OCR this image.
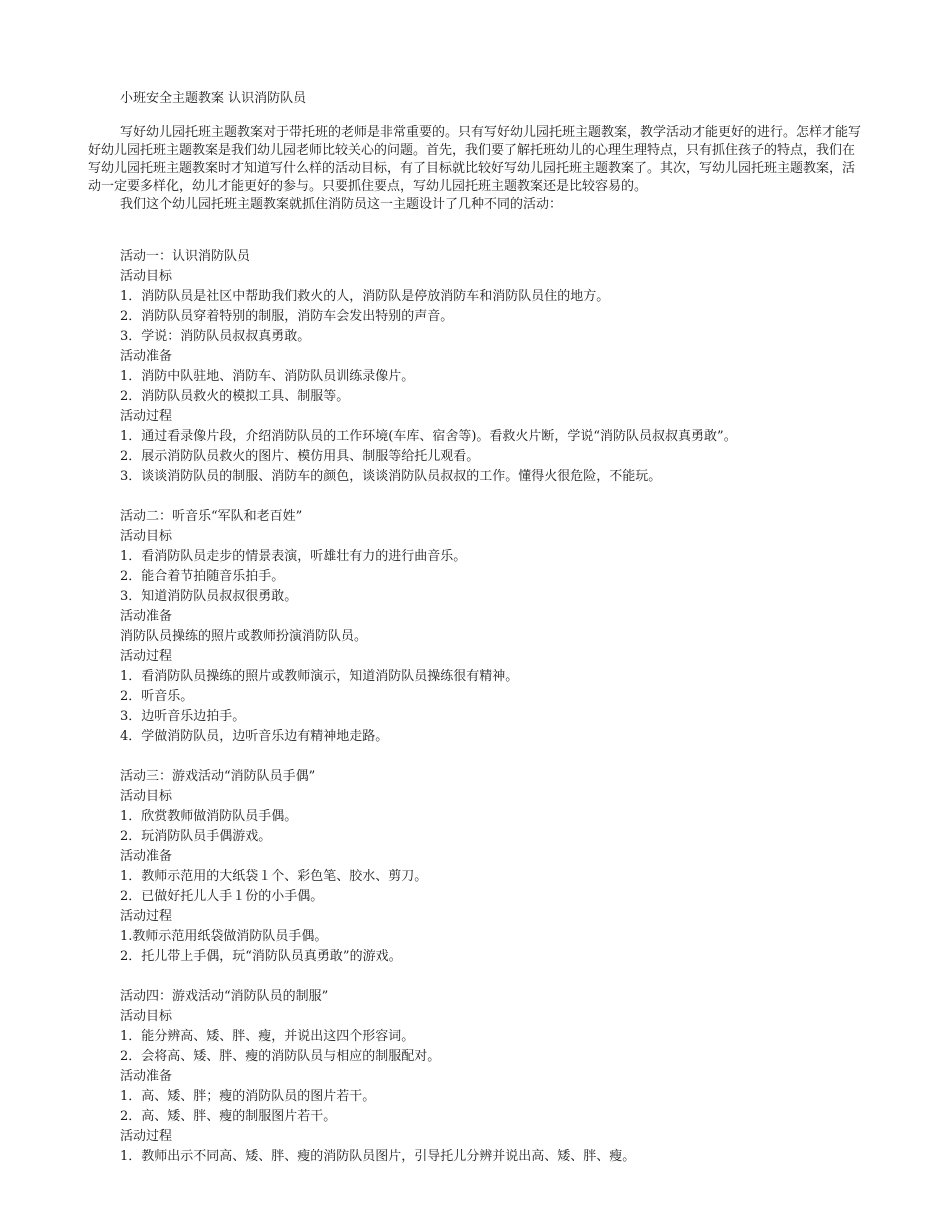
小班安全主题教案 认识消防队员

写好幼儿园托班主题教案对于带托班的老师是非常重要的。只有写好幼儿园托班主题教案，教学活动才能更好的进行。怎样才能写好幼儿园托班主题教案是我们幼儿园老师比较关心的问题。首先，我们要了解托班幼儿的心理生理特点，只有抓住孩子的特点，我们在写幼儿园托班主题教案时才知道写什么样的活动目标，有了目标就比较好写幼儿园托班主题教案了。其次，写幼儿园托班主题教案，活动一定要多样化，幼儿才能更好的参与。只要抓住要点，写幼儿园托班主题教案还是比较容易的。

我们这个幼儿园托班主题教案就抓住消防员这一主题设计了几种不同的活动：

活动一：认识消防队员
活动目标
1．消防队员是社区中帮助我们救火的人，消防队是停放消防车和消防队员住的地方。
2．消防队员穿着特别的制服，消防车会发出特别的声音。
3．学说：消防队员叔叔真勇敢。
活动准备
1．消防中队驻地、消防车、消防队员训练录像片。
2．消防队员救火的模拟工具、制服等。
活动过程
1．通过看录像片段，介绍消防队员的工作环境(车库、宿舍等)。看救火片断，学说“消防队员叔叔真勇敢”。
2．展示消防队员救火的图片、模仿用具、制服等给托儿观看。
3．谈谈消防队员的制服、消防车的颜色，谈谈消防队员叔叔的工作。懂得火很危险，不能玩。
活动二：听音乐“军队和老百姓”
活动目标
1．看消防队员走步的情景表演，听雄壮有力的进行曲音乐。
2．能合着节拍随音乐拍手。
3．知道消防队员叔叔很勇敢。
活动准备
消防队员操练的照片或教师扮演消防队员。
活动过程
1．看消防队员操练的照片或教师演示，知道消防队员操练很有精神。
2．听音乐。
3．边听音乐边拍手。
4．学做消防队员，边听音乐边有精神地走路。
活动三：游戏活动“消防队员手偶”
活动目标
1．欣赏教师做消防队员手偶。
2．玩消防队员手偶游戏。
活动准备
1．教师示范用的大纸袋１个、彩色笔、胶水、剪刀。
2．已做好托儿人手１份的小手偶。
活动过程
1.教师示范用纸袋做消防队员手偶。
2．托儿带上手偶，玩“消防队员真勇敢”的游戏。
活动四：游戏活动“消防队员的制服”
活动目标
1．能分辨高、矮、胖、瘦，并说出这四个形容词。
2．会将高、矮、胖、瘦的消防队员与相应的制服配对。
活动准备
1．高、矮、胖；瘦的消防队员的图片若干。
2．高、矮、胖、瘦的制服图片若干。
活动过程
1．教师出示不同高、矮、胖、瘦的消防队员图片，引导托儿分辨并说出高、矮、胖、瘦。
